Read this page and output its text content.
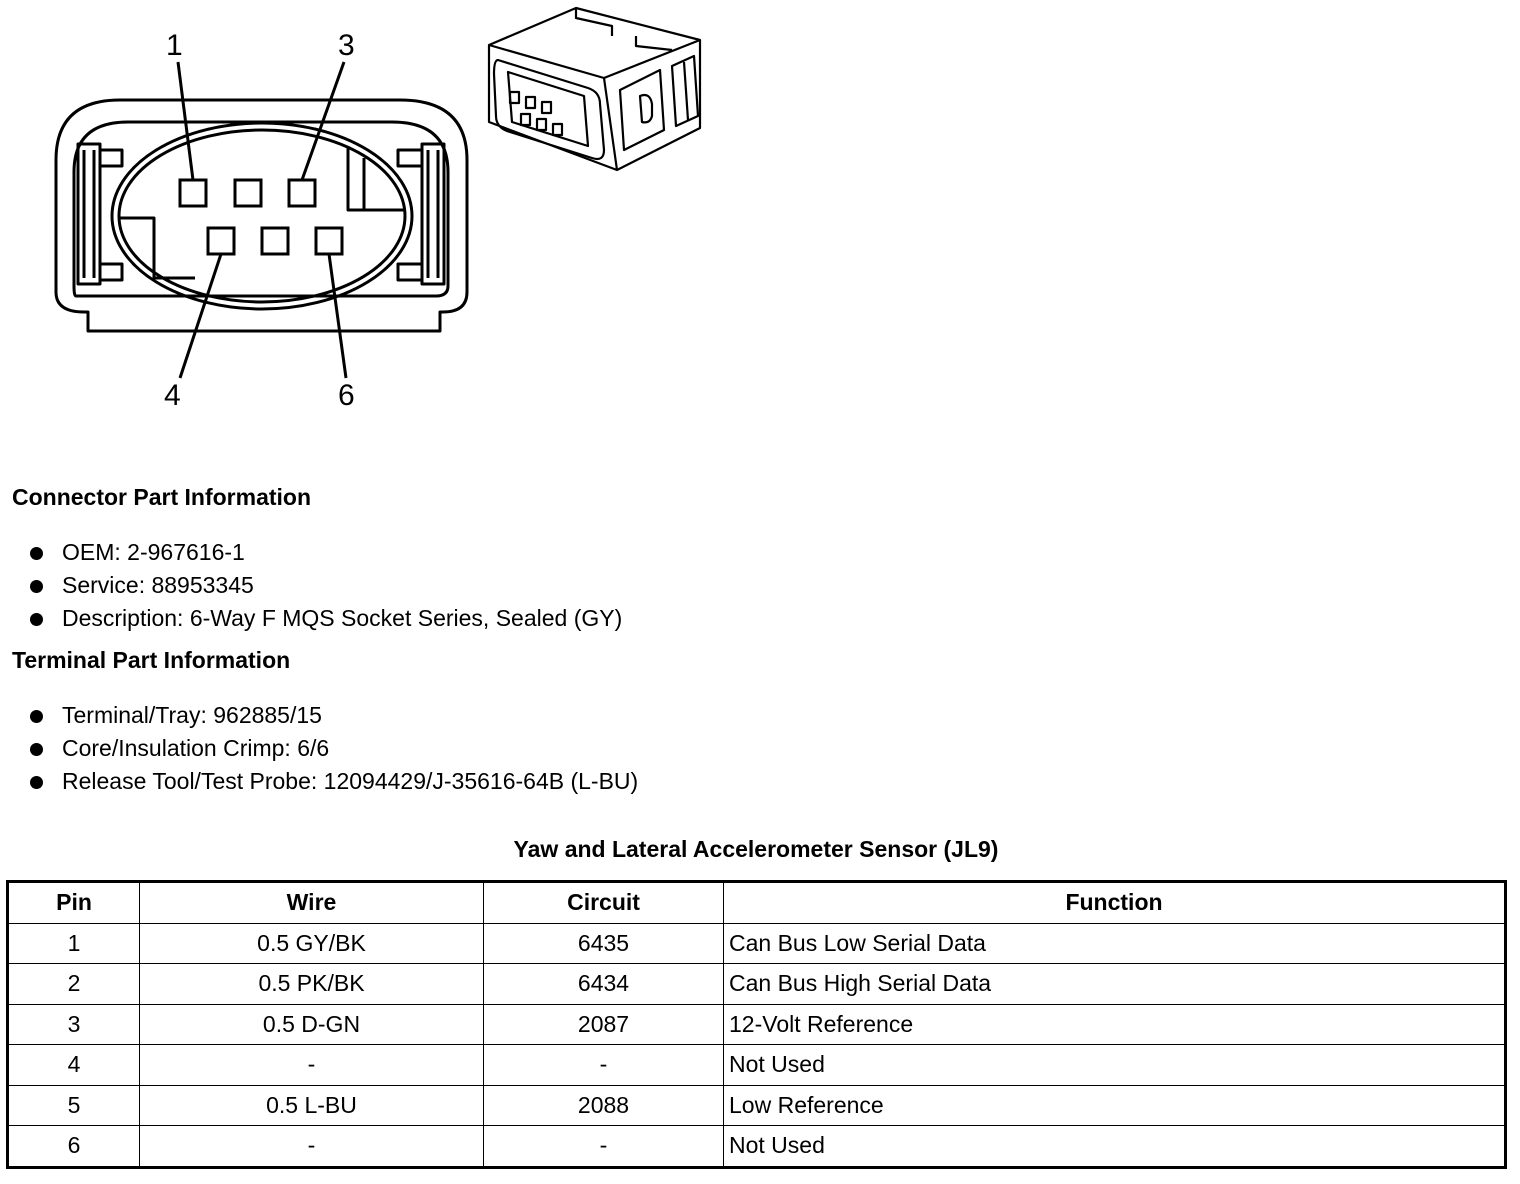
1	3
4	6
Connector Part Information
OEM: 2-967616-1
Service: 88953345
Description: 6-Way F MQS Socket Series, Sealed (GY)
Terminal Part Information
Terminal/Tray: 962885/15
Core/Insulation Crimp: 6/6
Release Tool/Test Probe: 12094429/J-35616-64B (L-BU)
Yaw and Lateral Accelerometer Sensor (JL9)
Pin	Wire	Circuit	Function
1	0.5 GY/BK	6435	Can Bus Low Serial Data
2	0.5 PK/BK	6434	Can Bus High Serial Data
3	0.5 D-GN	2087	12-Volt Reference
4	-	-	Not Used
5	0.5 L-BU	2088	Low Reference
6	-	-	Not Used
